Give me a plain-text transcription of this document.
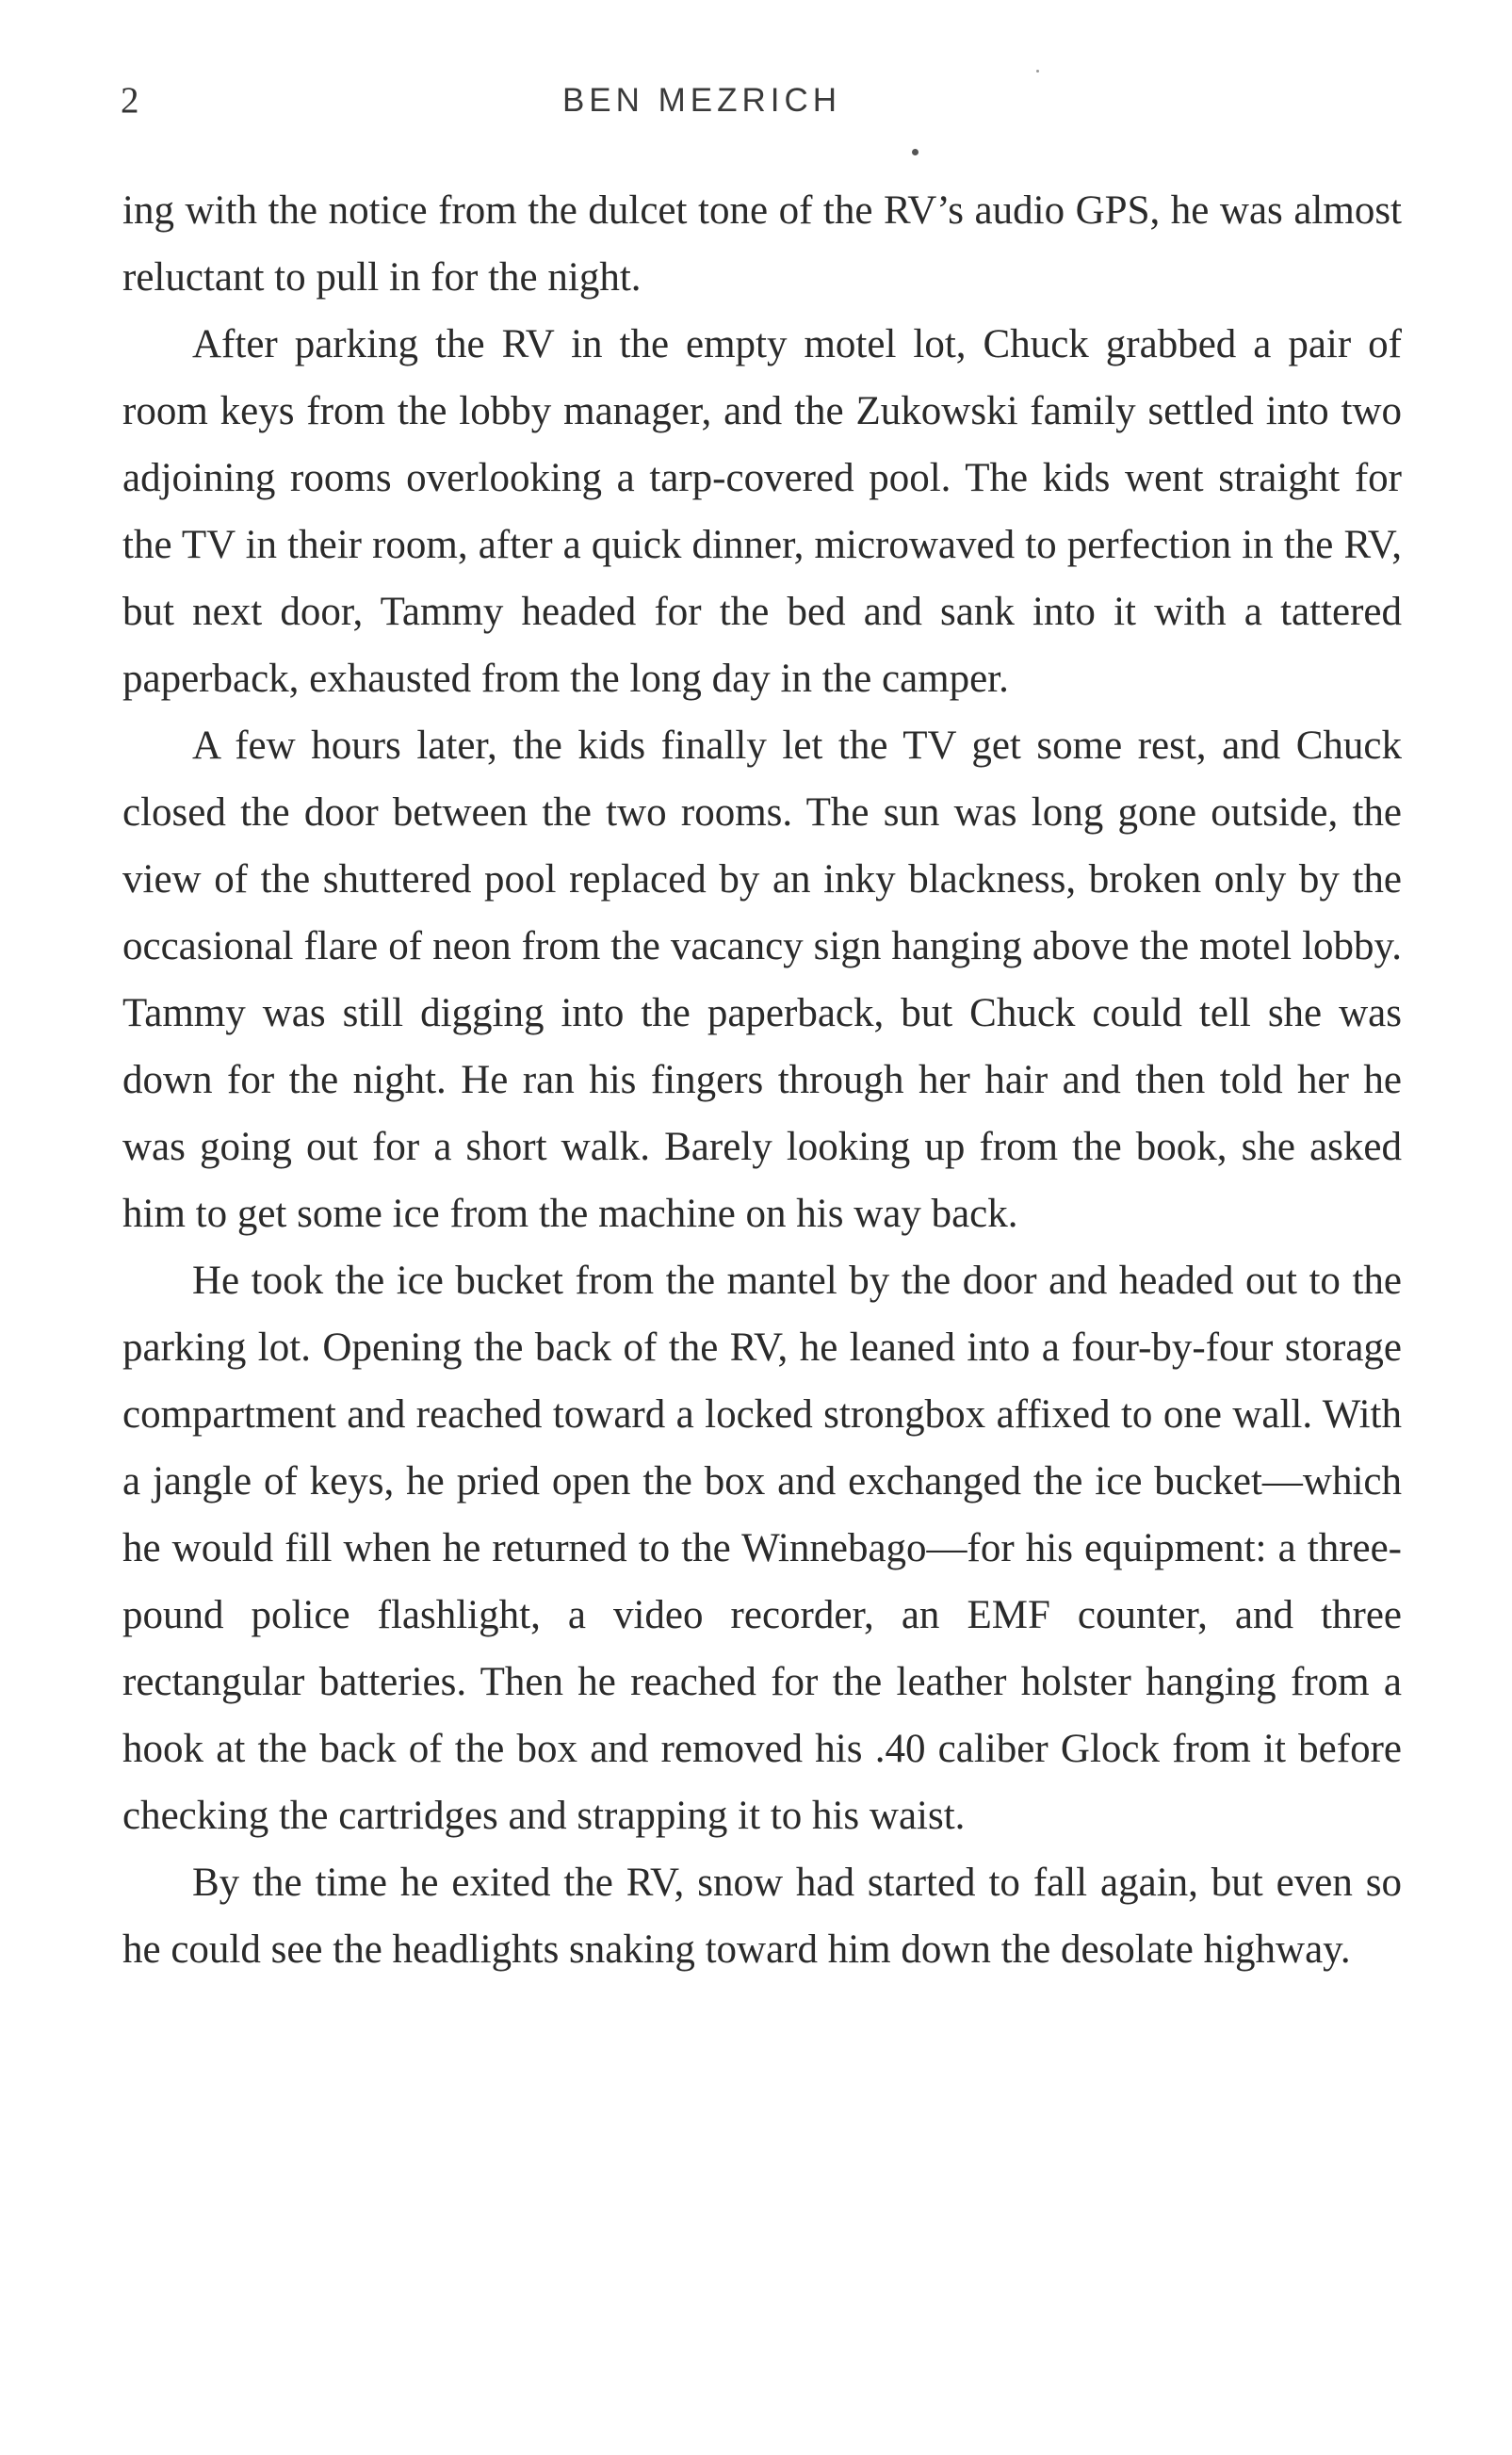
2	BEN MEZRICH

ing with the notice from the dulcet tone of the RV’s audio GPS, he was almost reluctant to pull in for the night.

After parking the RV in the empty motel lot, Chuck grabbed a pair of room keys from the lobby manager, and the Zukowski family settled into two adjoining rooms overlooking a tarp-covered pool. The kids went straight for the TV in their room, after a quick dinner, microwaved to perfection in the RV, but next door, Tammy headed for the bed and sank into it with a tattered paperback, exhausted from the long day in the camper.

A few hours later, the kids finally let the TV get some rest, and Chuck closed the door between the two rooms. The sun was long gone outside, the view of the shuttered pool replaced by an inky blackness, broken only by the occasional flare of neon from the vacancy sign hanging above the motel lobby. Tammy was still digging into the paperback, but Chuck could tell she was down for the night. He ran his fingers through her hair and then told her he was going out for a short walk. Barely looking up from the book, she asked him to get some ice from the machine on his way back.

He took the ice bucket from the mantel by the door and headed out to the parking lot. Opening the back of the RV, he leaned into a four-by-four storage compartment and reached toward a locked strongbox affixed to one wall. With a jangle of keys, he pried open the box and exchanged the ice bucket—which he would fill when he returned to the Winnebago—for his equipment: a three-pound police flashlight, a video recorder, an EMF counter, and three rectangular batteries. Then he reached for the leather holster hanging from a hook at the back of the box and removed his .40 caliber Glock from it before checking the cartridges and strapping it to his waist.

By the time he exited the RV, snow had started to fall again, but even so he could see the headlights snaking toward him down the desolate highway.
